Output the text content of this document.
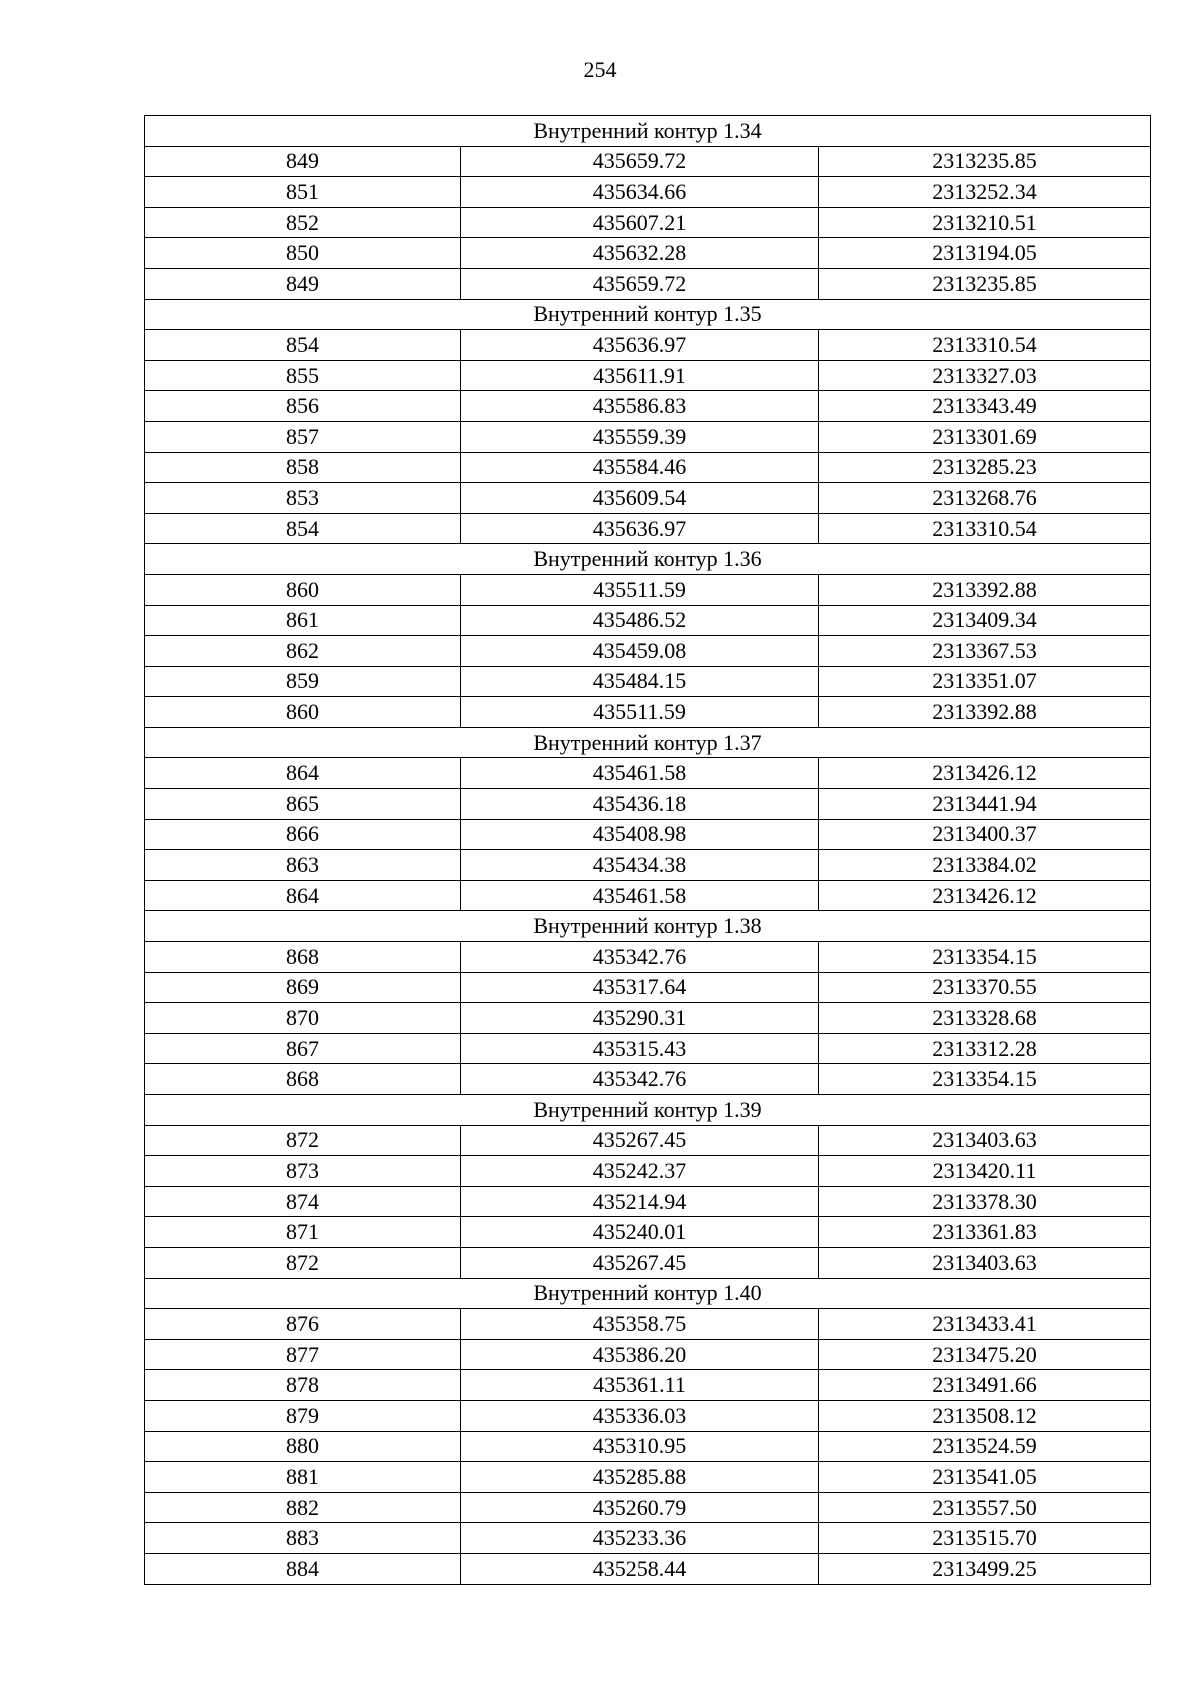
254
Внутренний контур 1.34		
849	435659.72	2313235.85
851	435634.66	2313252.34
852	435607.21	2313210.51
850	435632.28	2313194.05
849	435659.72	2313235.85
Внутренний контур 1.35		
854	435636.97	2313310.54
855	435611.91	2313327.03
856	435586.83	2313343.49
857	435559.39	2313301.69
858	435584.46	2313285.23
853	435609.54	2313268.76
854	435636.97	2313310.54
Внутренний контур 1.36		
860	435511.59	2313392.88
861	435486.52	2313409.34
862	435459.08	2313367.53
859	435484.15	2313351.07
860	435511.59	2313392.88
Внутренний контур 1.37		
864	435461.58	2313426.12
865	435436.18	2313441.94
866	435408.98	2313400.37
863	435434.38	2313384.02
864	435461.58	2313426.12
Внутренний контур 1.38		
868	435342.76	2313354.15
869	435317.64	2313370.55
870	435290.31	2313328.68
867	435315.43	2313312.28
868	435342.76	2313354.15
Внутренний контур 1.39		
872	435267.45	2313403.63
873	435242.37	2313420.11
874	435214.94	2313378.30
871	435240.01	2313361.83
872	435267.45	2313403.63
Внутренний контур 1.40		
876	435358.75	2313433.41
877	435386.20	2313475.20
878	435361.11	2313491.66
879	435336.03	2313508.12
880	435310.95	2313524.59
881	435285.88	2313541.05
882	435260.79	2313557.50
883	435233.36	2313515.70
884	435258.44	2313499.25
